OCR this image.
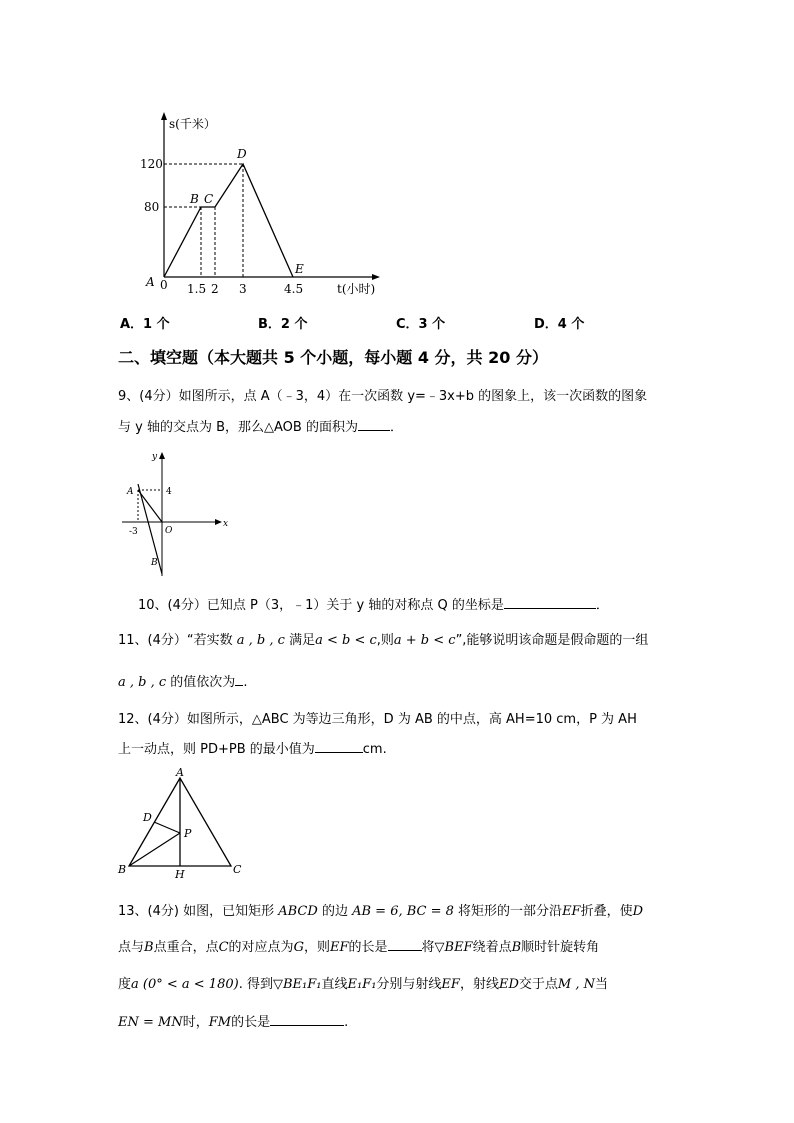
s(千米）
t(小时)
120
80
0 1.5 2 3	4.5
A
B C
D
E
A．1 个	B．2 个	C．3 个	D．4 个
二、填空题（本大题共 5 个小题，每小题 4 分，共 20 分）
9、(4分）如图所示，点 A（﹣3，4）在一次函数 y=﹣3x+b 的图象上，该一次函数的图象
与 y 轴的交点为 B，那么△AOB 的面积为 ．
y
x
A	4
O
-3
B
10、(4分）已知点 P（3，﹣1）关于 y 轴的对称点 Q 的坐标是	．
11、(4分）“若实数 a , b , c 满足a < b < c,则a + b < c”,能够说明该命题是假命题的一组
a , b , c 的值依次为 .
12、(4分）如图所示，△ABC 为等边三角形，D 为 AB 的中点，高 AH=10 cm，P 为 AH
上一动点，则 PD+PB 的最小值为	cm.
A
D
P
B	C
H
13、(4分) 如图，已知矩形 ABCD 的边 AB = 6, BC = 8 将矩形的一部分沿EF折叠，使D
点与B点重合，点C的对应点为G，则EF的长是	将▽BEF绕着点B顺时针旋转角
度a (0° < a < 180). 得到▽BE₁F₁直线E₁F₁分别与射线EF，射线ED交于点M , N当
EN = MN时，FM的长是	.
